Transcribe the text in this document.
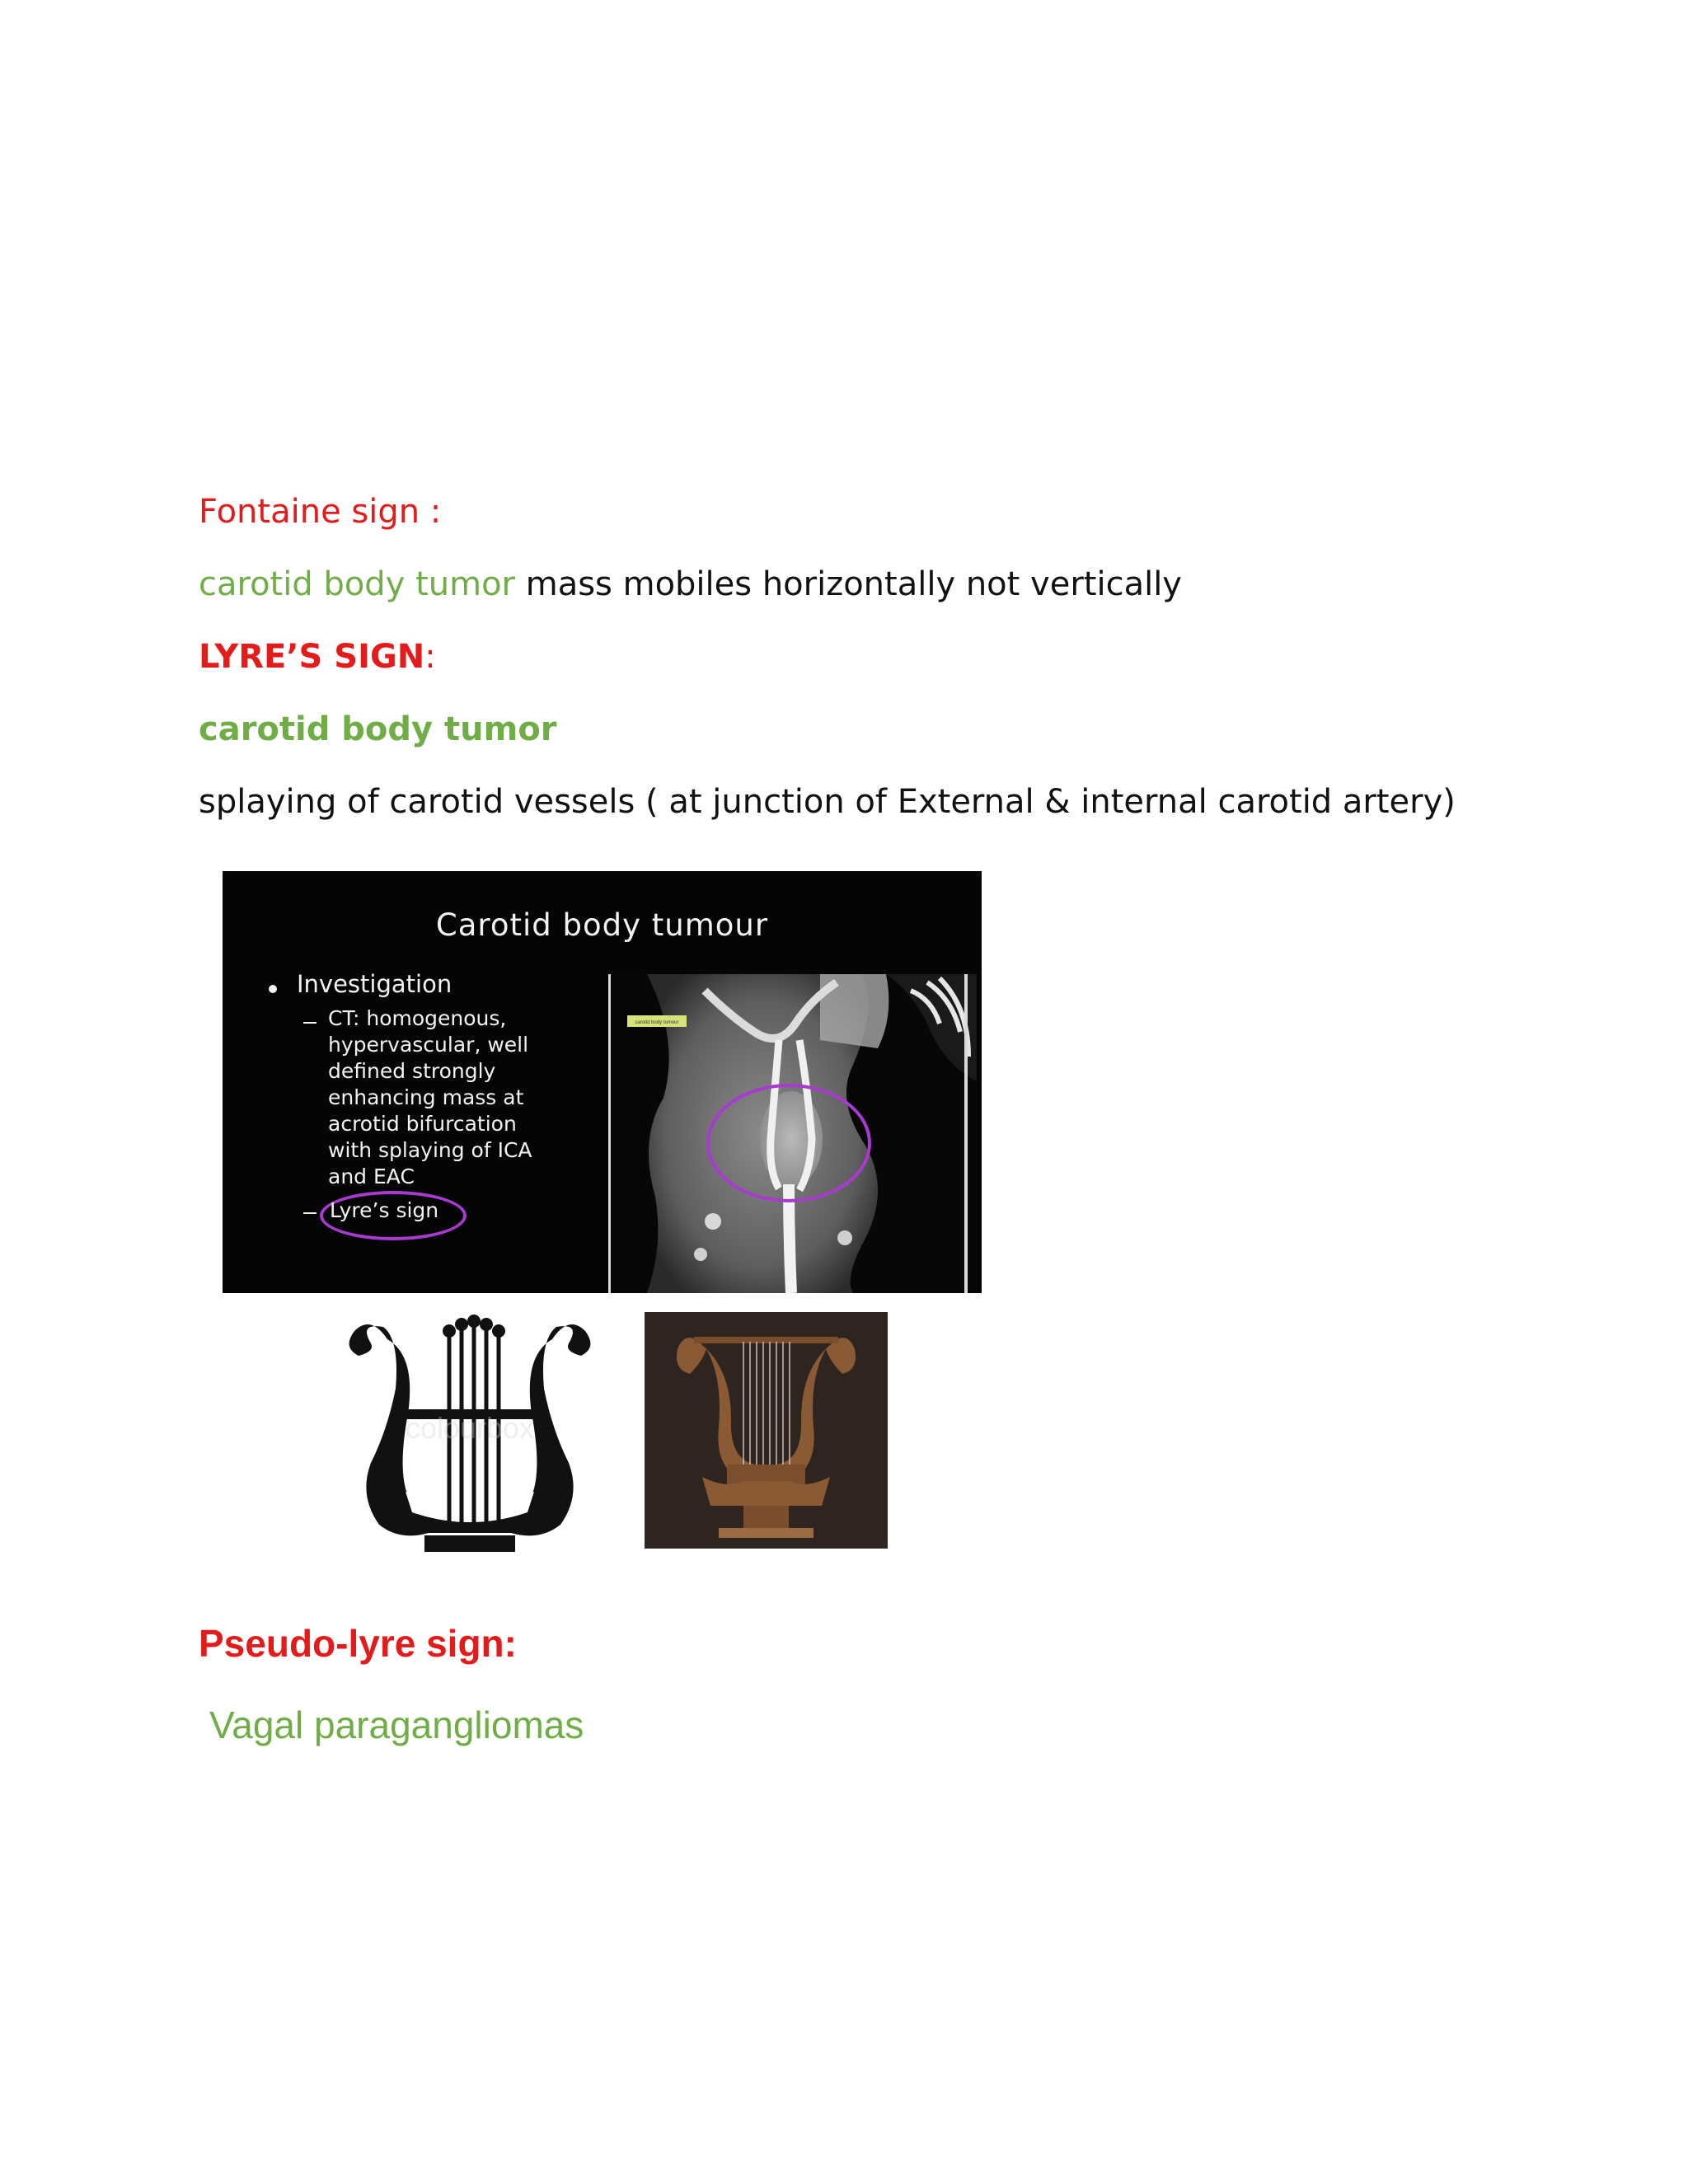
Fontaine sign :
carotid body tumor mass mobiles horizontally not vertically
LYRE’S SIGN:
carotid body tumor
splaying of carotid vessels ( at junction of External & internal carotid artery)
Carotid body tumour
Investigation
CT: homogenous,
hypervascular, well
defined strongly
enhancing mass at
acrotid bifurcation
with splaying of ICA
and EAC
Lyre’s sign
carotid body tumour
colourbox
Pseudo-lyre sign:
Vagal paragangliomas
